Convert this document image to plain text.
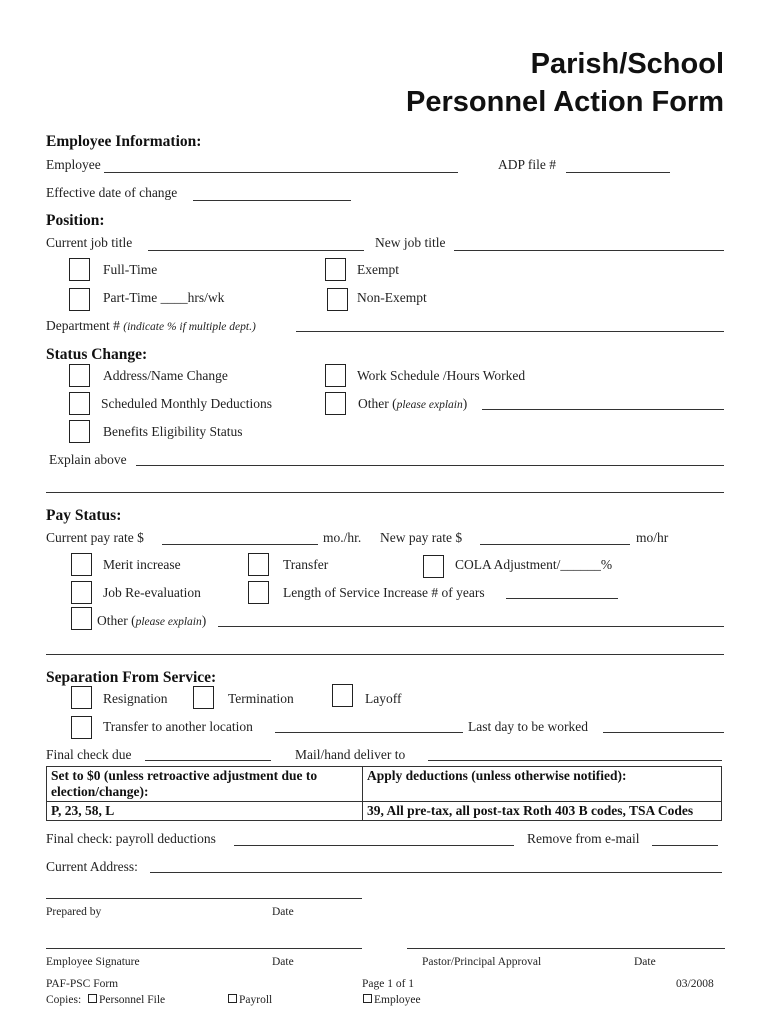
Parish/School
Personnel Action Form
Employee Information:
Employee	ADP file #
Effective date of change
Position:
Current job title	New job title
Full-Time	Exempt
Part-Time ____hrs/wk	Non-Exempt
Department # (indicate % if multiple dept.)
Status Change:
Address/Name Change	Work Schedule /Hours Worked
Scheduled Monthly Deductions	Other (please explain)
Benefits Eligibility Status
Explain above
Pay Status:
Current pay rate $	mo./hr. New pay rate $	mo/hr
Merit increase	Transfer	COLA Adjustment/______%
Job Re-evaluation	Length of Service Increase # of years
Other (please explain)
Separation From Service:
Resignation	Termination	Layoff
Transfer to another location	Last day to be worked
Final check due	Mail/hand deliver to
Set to $0 (unless retroactive adjustment due to election/change):	Apply deductions (unless otherwise notified):
P, 23, 58, L	39, All pre-tax, all post-tax Roth 403 B codes, TSA Codes
Final check: payroll deductions	Remove from e-mail
Current Address:
Prepared by	Date
Employee Signature	Date	Pastor/Principal Approval	Date
PAF-PSC Form	Page 1 of 1	03/2008
Copies:	Personnel File	Payroll	Employee
